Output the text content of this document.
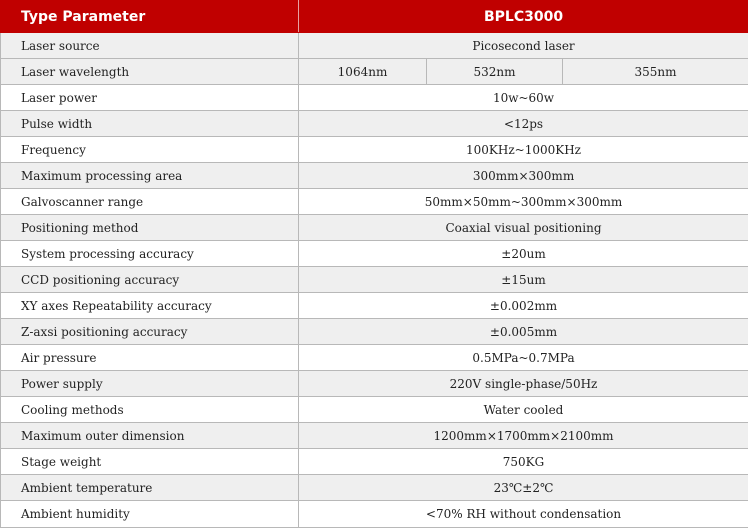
Type Parameter	BPLC3000		
Laser source	Picosecond laser		
Laser wavelength	1064nm	532nm	355nm
Laser power	10w~60w		
Pulse width	<12ps		
Frequency	100KHz~1000KHz		
Maximum processing area	300mm×300mm		
Galvoscanner range	50mm×50mm~300mm×300mm		
Positioning method	Coaxial visual positioning		
System processing accuracy	±20um		
CCD positioning accuracy	±15um		
XY axes Repeatability accuracy	±0.002mm		
Z-axsi positioning accuracy	±0.005mm		
Air pressure	0.5MPa~0.7MPa		
Power supply	220V single-phase/50Hz		
Cooling methods	Water cooled		
Maximum outer dimension	1200mm×1700mm×2100mm		
Stage weight	750KG		
Ambient temperature	23℃±2℃		
Ambient humidity	<70% RH without condensation		
